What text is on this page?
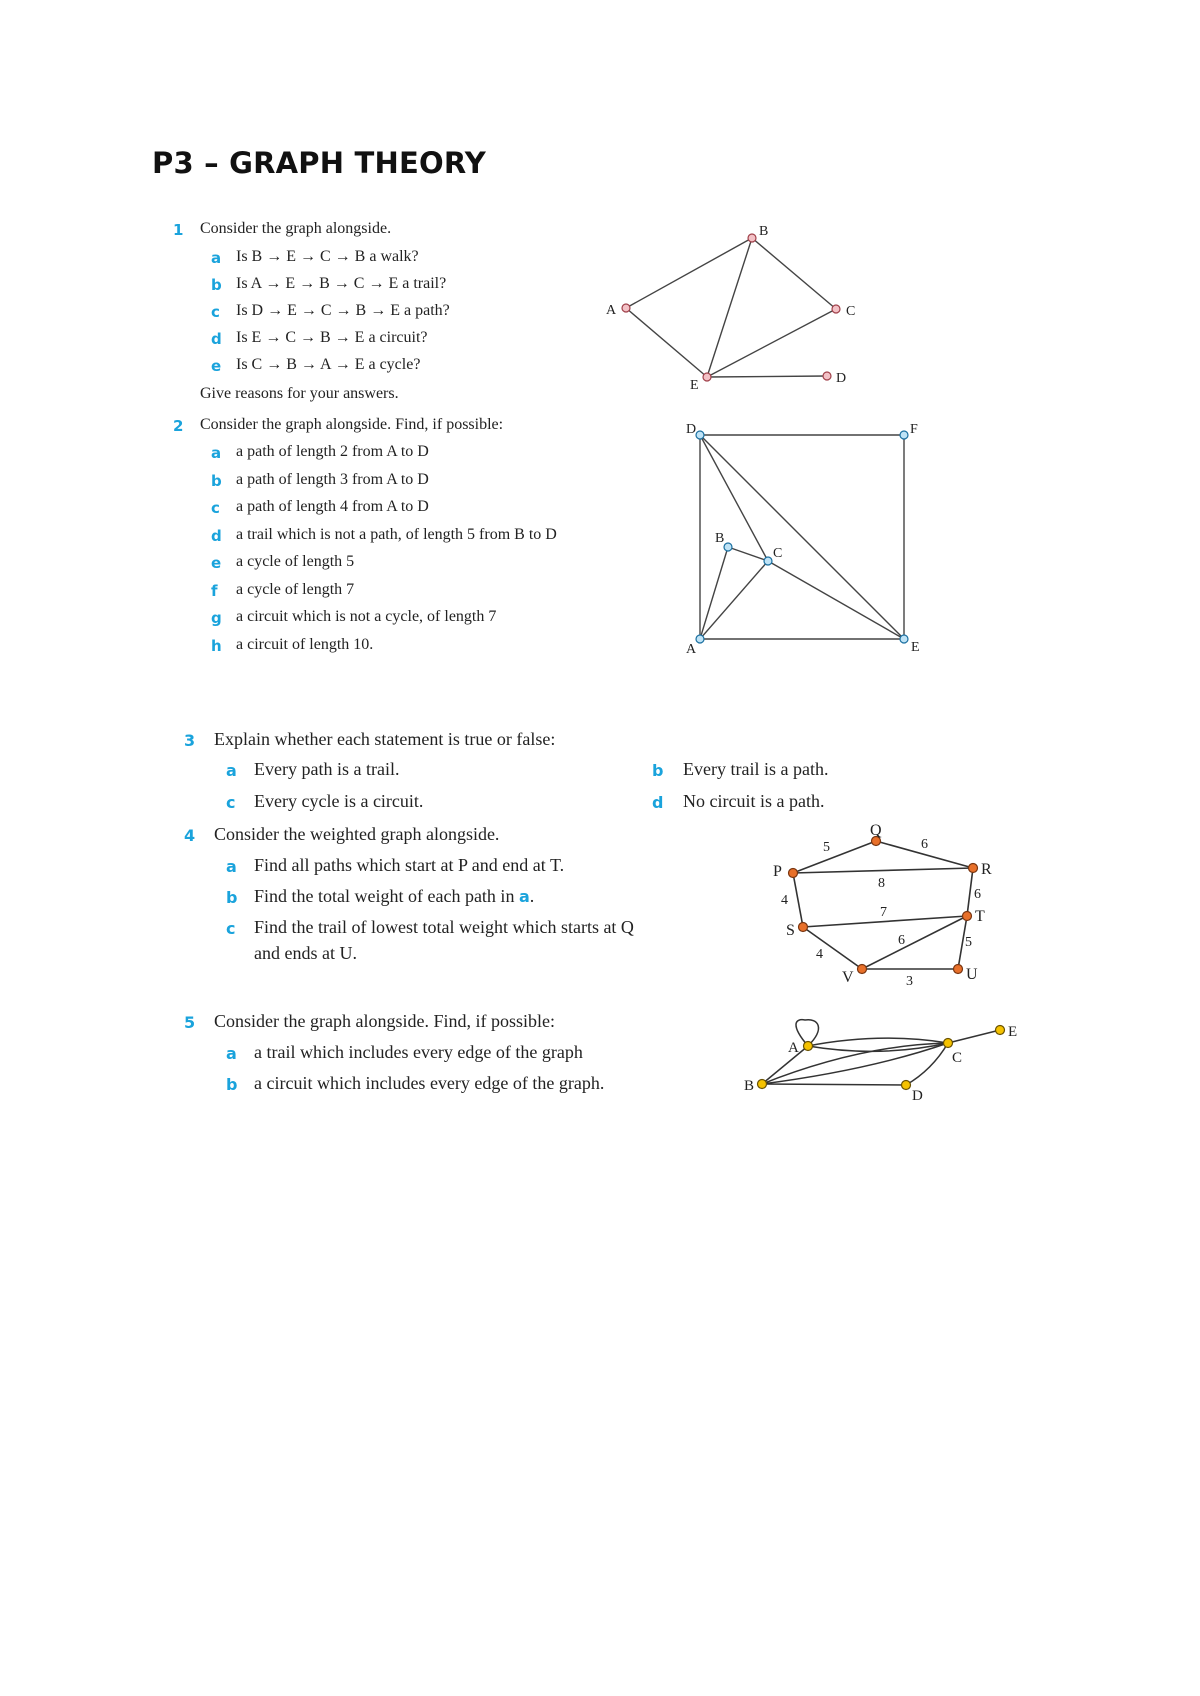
P3 – GRAPH THEORY
1 Consider the graph alongside.
a Is B → E → C → B a walk?
b Is A → E → B → C → E a trail?
c Is D → E → C → B → E a path?
d Is E → C → B → E a circuit?
e Is C → B → A → E a cycle?
Give reasons for your answers.
A
B
C
D
E
2 Consider the graph alongside. Find, if possible:
a a path of length 2 from A to D
b a path of length 3 from A to D
c a path of length 4 from A to D
d a trail which is not a path, of length 5 from B to D
e a cycle of length 5
f a cycle of length 7
g a circuit which is not a cycle, of length 7
h a circuit of length 10.
D	F
B
C
A	E
3 Explain whether each statement is true or false:
a Every path is a trail.	b Every trail is a path.
c Every cycle is a circuit.	d No circuit is a path.
4 Consider the weighted graph alongside.
a Find all paths which start at P and end at T.
b Find the total weight of each path in a.
c Find the trail of lowest total weight which starts at Q
and ends at U.
P
Q
R
S
T
V	U
5	6
8
4	6
7
4
6	5
3
5 Consider the graph alongside. Find, if possible:
a a trail which includes every edge of the graph
b a circuit which includes every edge of the graph.
A
B
C
D
E
